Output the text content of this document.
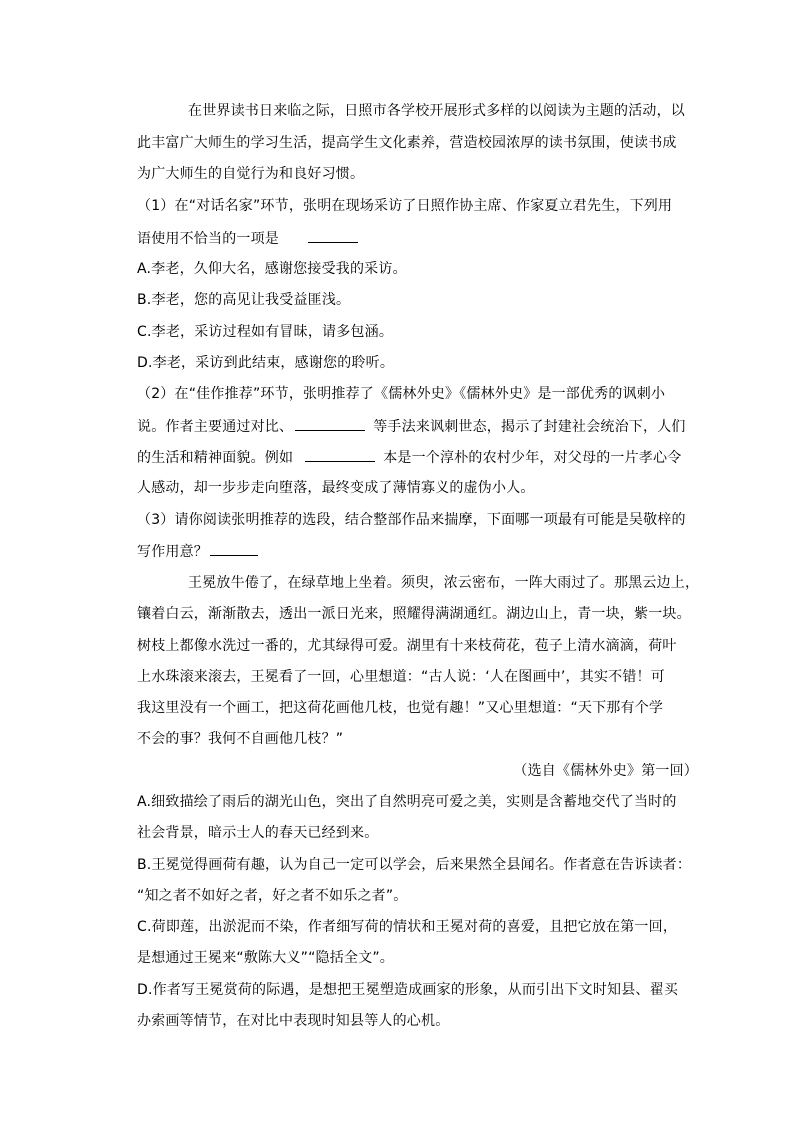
在世界读书日来临之际，日照市各学校开展形式多样的以阅读为主题的活动，以
此丰富广大师生的学习生活，提高学生文化素养，营造校园浓厚的读书氛围，使读书成
为广大师生的自觉行为和良好习惯。
（1）在“对话名家”环节，张明在现场采访了日照作协主席、作家夏立君先生，下列用
语使用不恰当的一项是
A.李老，久仰大名，感谢您接受我的采访。
B.李老，您的高见让我受益匪浅。
C.李老，采访过程如有冒昧，请多包涵。
D.李老，采访到此结束，感谢您的聆听。
（2）在“佳作推荐”环节，张明推荐了《儒林外史》《儒林外史》是一部优秀的讽刺小
说。作者主要通过对比、	等手法来讽刺世态，揭示了封建社会统治下，人们
的生活和精神面貌。例如	本是一个淳朴的农村少年，对父母的一片孝心令
人感动，却一步步走向堕落，最终变成了薄情寡义的虚伪小人。
（3）请你阅读张明推荐的选段，结合整部作品来揣摩，下面哪一项最有可能是吴敬梓的
写作用意？
王冕放牛倦了，在绿草地上坐着。须臾，浓云密布，一阵大雨过了。那黑云边上，
镶着白云，渐渐散去，透出一派日光来，照耀得满湖通红。湖边山上，青一块，紫一块。
树枝上都像水洗过一番的，尤其绿得可爱。湖里有十来枝荷花，苞子上清水滴滴，荷叶
上水珠滚来滚去，王冕看了一回，心里想道：“古人说：‘人在图画中’，其实不错！可
我这里没有一个画工，把这荷花画他几枝，也觉有趣！”又心里想道：“天下那有个学
不会的事？我何不自画他几枝？”
（选自《儒林外史》第一回）
A.细致描绘了雨后的湖光山色，突出了自然明亮可爱之美，实则是含蓄地交代了当时的
社会背景，暗示士人的春天已经到来。
B.王冕觉得画荷有趣，认为自己一定可以学会，后来果然全县闻名。作者意在告诉读者：
“知之者不如好之者，好之者不如乐之者”。
C.荷即莲，出淤泥而不染，作者细写荷的情状和王冕对荷的喜爱，且把它放在第一回，
是想通过王冕来“敷陈大义”“隐括全文”。
D.作者写王冕赏荷的际遇，是想把王冕塑造成画家的形象，从而引出下文时知县、翟买
办索画等情节，在对比中表现时知县等人的心机。
